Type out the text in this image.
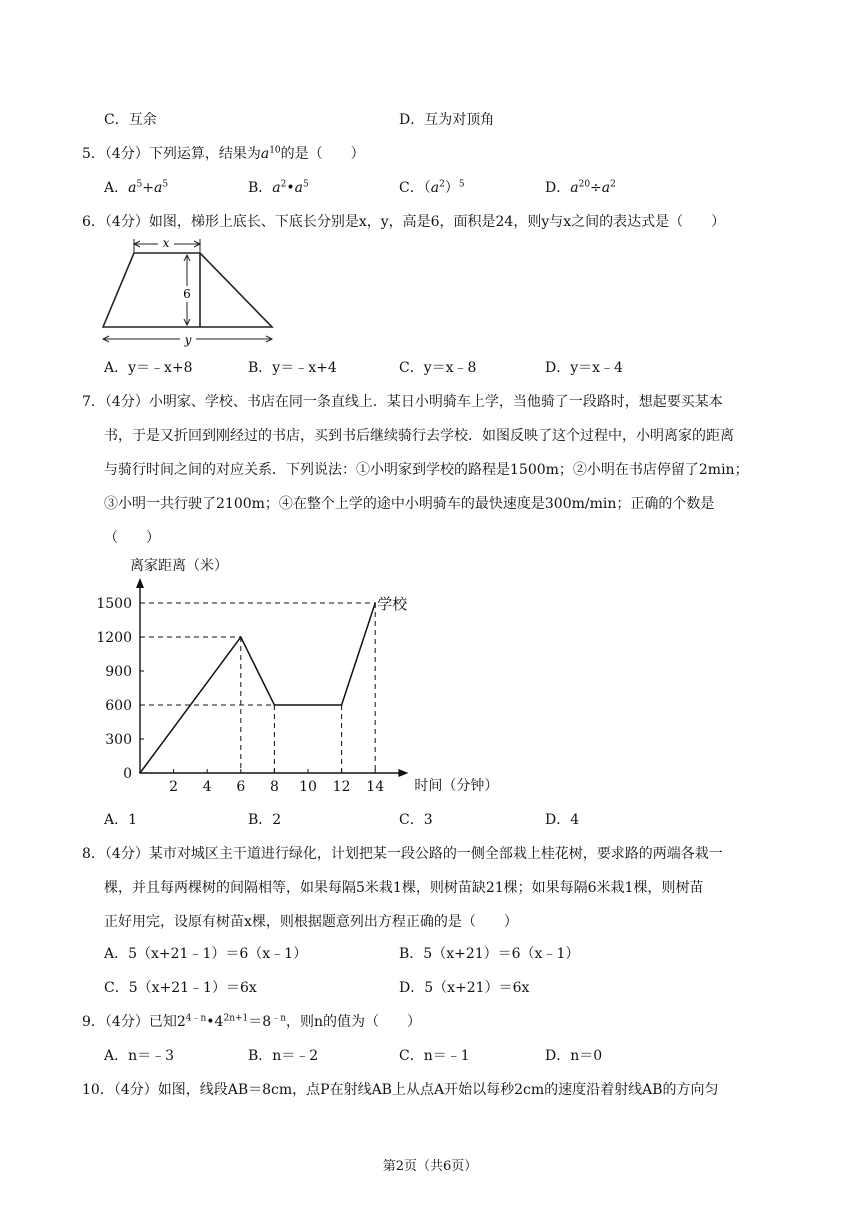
C．互余	D．互为对顶角
5．（4分）下列运算，结果为$a^{10}$的是（　　）
A．$a^5+a^5$	B．$a^2•a^5$	C．$(a^2)^5$	D．$a^{20}\div a^2$
6．（4分）如图，梯形上底长、下底长分别是x，y，高是6，面积是24，则y与x之间的表达式是（　　）
x
6
y
A．y＝﹣x+8	B．y＝﹣x+4	C．y＝x﹣8	D．y＝x﹣4
7．（4分）小明家、学校、书店在同一条直线上．某日小明骑车上学，当他骑了一段路时，想起要买某本
书，于是又折回到刚经过的书店，买到书后继续骑行去学校．如图反映了这个过程中，小明离家的距离
与骑行时间之间的对应关系．下列说法：①小明家到学校的路程是1500m；②小明在书店停留了2min；
③小明一共行驶了2100m；④在整个上学的途中小明骑车的最快速度是300m/min；正确的个数是
（　　）
离家距离（米）
时间（分钟）
0
300
600
900
1200
1500
2 4 6 8 10 12 14
学校
A．1	B．2	C．3	D．4
8．（4分）某市对城区主干道进行绿化，计划把某一段公路的一侧全部栽上桂花树，要求路的两端各栽一
棵，并且每两棵树的间隔相等，如果每隔5米栽1棵，则树苗缺21棵；如果每隔6米栽1棵，则树苗
正好用完，设原有树苗x棵，则根据题意列出方程正确的是（　　）
A．5（x+21﹣1）＝6（x﹣1）	B．5（x+21）＝6（x﹣1）
C．5（x+21﹣1）＝6x	D．5（x+21）＝6x
9．（4分）已知$2^{4﹣n}•4^{2n+1}=8^{﹣n}$，则n的值为（　　）
A．n＝﹣3	B．n＝﹣2	C．n＝﹣1	D．n＝0
10．（4分）如图，线段AB＝8cm，点P在射线AB上从点A开始以每秒2cm的速度沿着射线AB的方向匀
第2页（共6页）
